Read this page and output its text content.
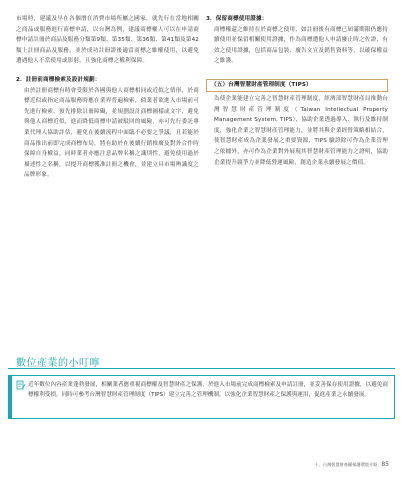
市場時，建議及早在各個潛在消費市場所屬之國家，就先行在當地相關之商品或服務進行商標申請，以台灣為例，建議商標權人可以在申請商標申請註冊於商品及服務分類第9類、第35類、第36類、第41類及第42類上註冊商品及服務，並於成功註冊證後適當商標之維權使用，以避免遭遇他人不當使用或影射，且強化商標之權利保障。

2．註冊前商標檢索及設計規劃：

由於註冊商標有時會受限於各國與他人商標相同或近似之情形，於商標近似或指定商品服務時應在業界普遍檢索，倘業者欲進入市場前可先進行檢索，預先排除註冊障礙，並規劃設計商標圖樣或文字，避免與他人商標近似，進而降低商標申請被駁回的風險，亦可先行委託專業代理人協助評估，避免在後續流程中面臨不必要之爭議，且若能於商品推出前即完成商標布局，將有助於在後續行銷推廣及對外合作時保障自身權益，同時業者亦應注意品牌名稱之識別性，避免使用過於描述性之名稱，以提升商標獲准註冊之機會，並建立具市場辨識度之品牌形象。

3．保留商標使用證據：

商標權還之維持在於商標之使用，如註冊後有商標已屆滿期限仍應持續使用並保留相關使用證據，作為商標遭他人申請廢止時之佐證，有效之使用證據，包括商品包裝、廣告文宣及銷售資料等，以確保權益之維護。

（五）台灣智慧財產管理制度（TIPS）

為使企業能建立完善之智慧財產管理制度，經濟部智慧財產局推動台灣智慧財產管理制度（Taiwan Intellectual Property Management System, TIPS），協助企業透過導入、執行及維持制度，強化企業之智慧財產管理能力，並將其與企業經營策略相結合，使智慧財產成為企業發展之重要資源，TIPS 驗證除可作為企業管理之依據外，亦可作為企業對外展現其智慧財產管理能力之證明，協助企業提升競爭力並降低營運風險，創造企業永續發展之價值。

數位產業的小叮嚀

近年數位內容產業蓬勃發展，相關業者應重視商標權及智慧財產之保護，於進入市場前完成商標檢索及申請註冊，並妥善保存使用證據，以避免商標權利受損，同時可參考台灣智慧財產管理制度（TIPS）建立完善之管理機制，以強化企業智慧財產之保護與運用，促進產業之永續發展。

十、台灣智慧財產權保護環境介紹 85
